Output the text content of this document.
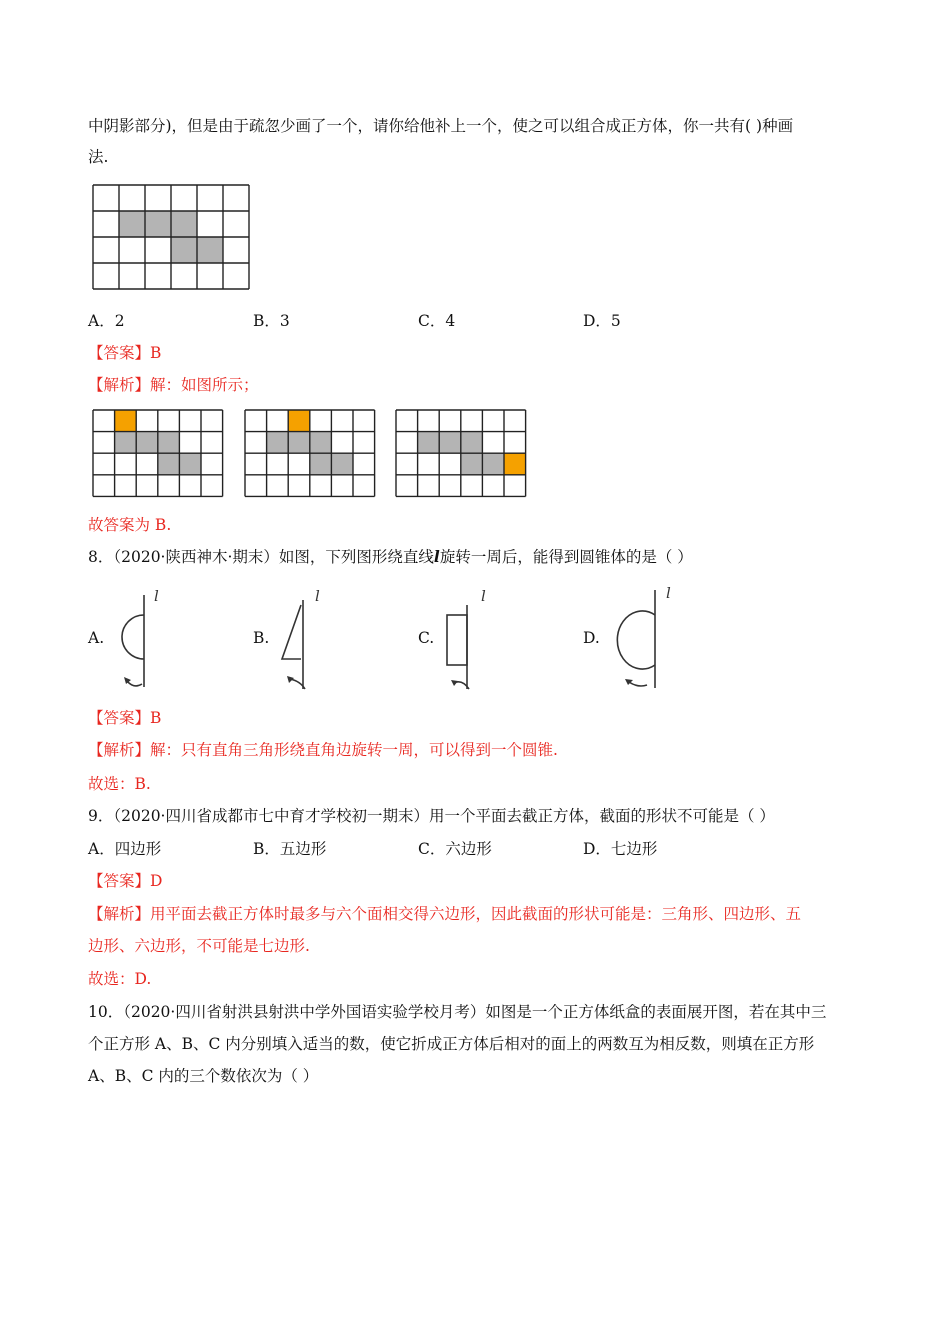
中阴影部分)，但是由于疏忽少画了一个，请你给他补上一个，使之可以组合成正方体，你一共有( )种画
法.
A．2	B．3	C．4	D．5
【答案】B
【解析】解：如图所示；
故答案为 B.
8．（2020·陕西神木·期末）如图，下列图形绕直线l旋转一周后，能得到圆锥体的是（ ）
A.
l
B.
l
C.
l
D.
l
【答案】B
【解析】解：只有直角三角形绕直角边旋转一周，可以得到一个圆锥.
故选：B.
9．（2020·四川省成都市七中育才学校初一期末）用一个平面去截正方体，截面的形状不可能是（ ）
A．四边形	B．五边形	C．六边形	D．七边形
【答案】D
【解析】用平面去截正方体时最多与六个面相交得六边形，因此截面的形状可能是：三角形、四边形、五
边形、六边形，不可能是七边形.
故选：D.
10．（2020·四川省射洪县射洪中学外国语实验学校月考）如图是一个正方体纸盒的表面展开图，若在其中三
个正方形 A、B、C 内分别填入适当的数，使它折成正方体后相对的面上的两数互为相反数，则填在正方形
A、B、C 内的三个数依次为（ ）
